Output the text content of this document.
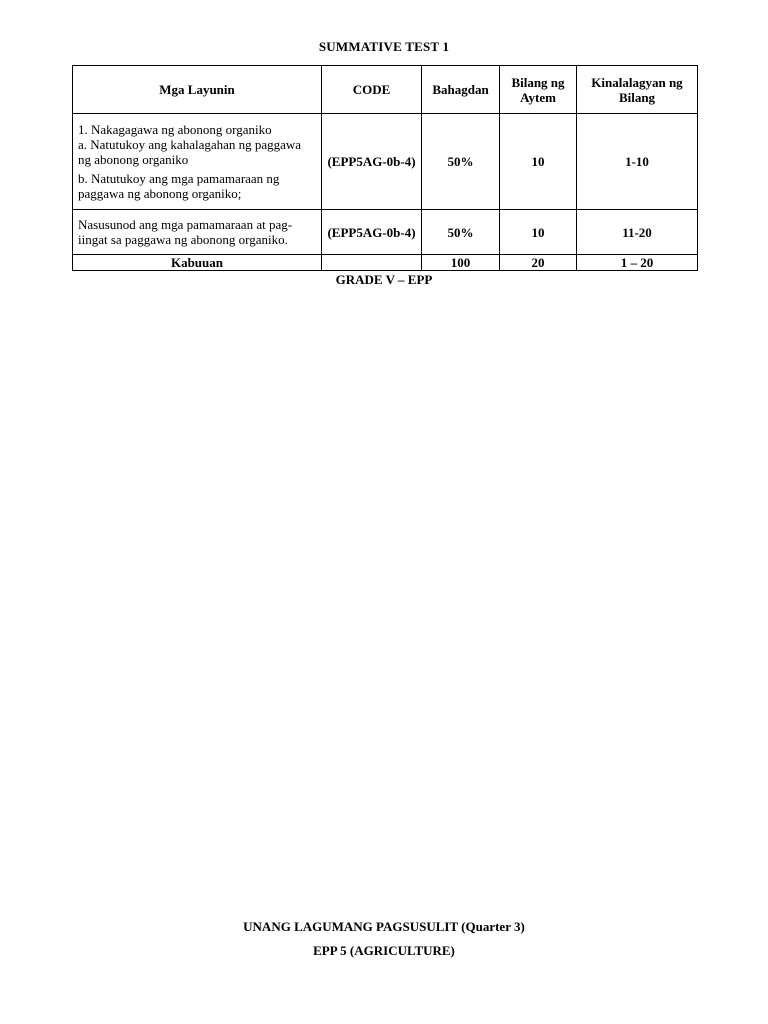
SUMMATIVE TEST 1
Mga Layunin	CODE	Bahagdan	Bilang ng Aytem	Kinalalagyan ng Bilang

1. Nakagagawa ng abonong organiko

a. Natutukoy ang kahalagahan ng paggawa ng abonong organiko

b. Natutukoy ang mga pamamaraan ng paggawa ng abonong organiko;	(EPP5AG-0b-4)	50%	10	1-10

Nasusunod ang mga pamamaraan at pag-iingat sa paggawa ng abonong organiko.	(EPP5AG-0b-4)	50%	10	11-20
Kabuuan		100	20	1 – 20
GRADE V – EPP
UNANG LAGUMANG PAGSUSULIT (Quarter 3)
EPP 5 (AGRICULTURE)
